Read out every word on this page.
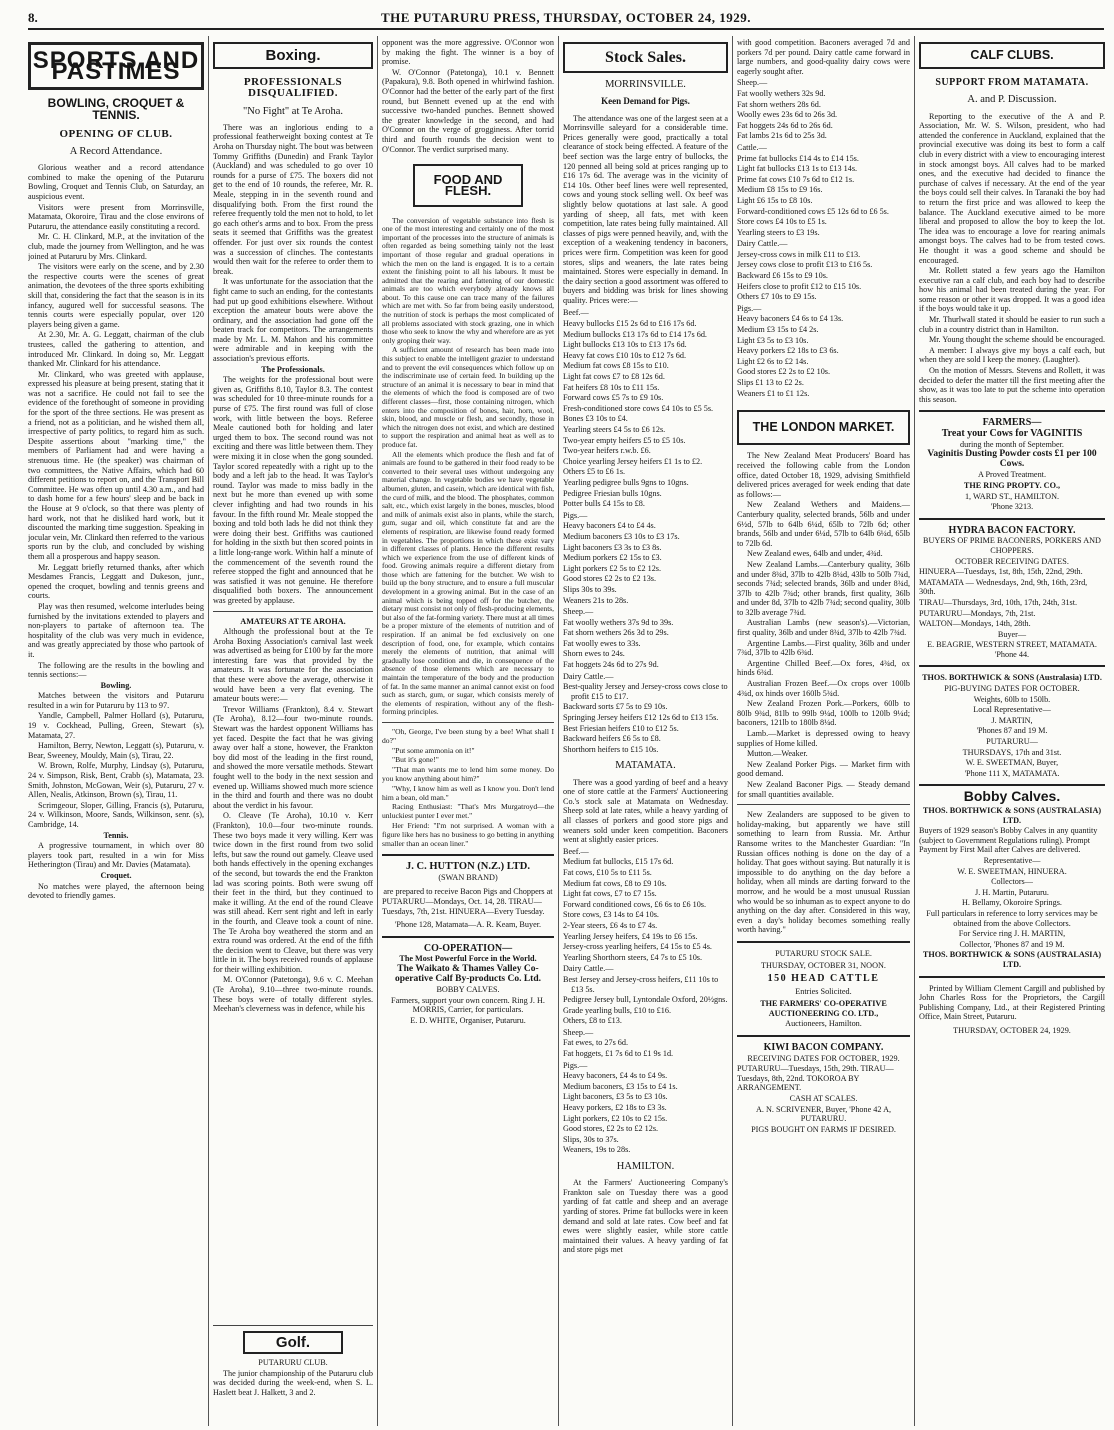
8.	THE PUTARURU PRESS, THURSDAY, OCTOBER 24, 1929.
SPORTS AND PASTIMES
BOWLING, CROQUET & TENNIS.
OPENING OF CLUB.
A Record Attendance.

Glorious weather and a record attendance combined to make the opening of the Putaruru Bowling, Croquet and Tennis Club, on Saturday, an auspicious event.

Visitors were present from Morrinsville, Matamata, Okoroire, Tirau and the close environs of Putaruru, the attendance easily constituting a record.

Mr. C. H. Clinkard, M.P., at the invitation of the club, made the journey from Wellington, and he was joined at Putaruru by Mrs. Clinkard.

The visitors were early on the scene, and by 2.30 the respective courts were the scenes of great animation, the devotees of the three sports exhibiting skill that, considering the fact that the season is in its infancy, augured well for successful seasons. The tennis courts were especially popular, over 120 players being given a game.

At 2.30, Mr. A. G. Leggatt, chairman of the club trustees, called the gathering to attention, and introduced Mr. Clinkard. In doing so, Mr. Leggatt thanked Mr. Clinkard for his attendance.

Mr. Clinkard, who was greeted with applause, expressed his pleasure at being present, stating that it was not a sacrifice. He could not fail to see the evidence of the forethought of someone in providing for the sport of the three sections. He was present as a friend, not as a politician, and he wished them all, irrespective of party politics, to regard him as such. Despite assertions about "marking time," the members of Parliament had and were having a strenuous time. He (the speaker) was chairman of two committees, the Native Affairs, which had 60 different petitions to report on, and the Transport Bill Committee. He was often up until 4.30 a.m., and had to dash home for a few hours' sleep and be back in the House at 9 o'clock, so that there was plenty of hard work, not that he disliked hard work, but it discounted the marking time suggestion. Speaking in jocular vein, Mr. Clinkard then referred to the various sports run by the club, and concluded by wishing them all a prosperous and happy season.

Mr. Leggatt briefly returned thanks, after which Mesdames Francis, Leggatt and Dukeson, junr., opened the croquet, bowling and tennis greens and courts.

Play was then resumed, welcome interludes being furnished by the invitations extended to players and non-players to partake of afternoon tea. The hospitality of the club was very much in evidence, and was greatly appreciated by those who partook of it.

The following are the results in the bowling and tennis sections:—

Bowling.

Matches between the visitors and Putaruru resulted in a win for Putaruru by 113 to 97.

Yandle, Campbell, Palmer Hollard (s), Putaruru, 19 v. Cockhead, Pulling, Green, Stewart (s), Matamata, 27.

Hamilton, Berry, Newton, Leggatt (s), Putaruru, v. Bear, Sweeney, Mouldy, Main (s), Tirau, 22.

W. Brown, Rolfe, Murphy, Lindsay (s), Putaruru, 24 v. Simpson, Risk, Bent, Crabb (s), Matamata, 23. Smith, Johnston, McGowan, Weir (s), Putaruru, 27 v. Allen, Nealis, Atkinson, Brown (s), Tirau, 11.

Scrimgeour, Sloper, Gilling, Francis (s), Putaruru, 24 v. Wilkinson, Moore, Sands, Wilkinson, senr. (s), Cambridge, 14.

Tennis.

A progressive tournament, in which over 80 players took part, resulted in a win for Miss Hetherington (Tirau) and Mr. Davies (Matamata).

Croquet.

No matches were played, the afternoon being devoted to friendly games.

Boxing.
PROFESSIONALS DISQUALIFIED.
"No Fight" at Te Aroha.

There was an inglorious ending to a professional featherweight boxing contest at Te Aroha on Thursday night. The bout was between Tommy Griffiths (Dunedin) and Frank Taylor (Auckland) and was scheduled to go over 10 rounds for a purse of £75. The boxers did not get to the end of 10 rounds, the referee, Mr. R. Meale, stepping in in the seventh round and disqualifying both. From the first round the referee frequently told the men not to hold, to let go each other's arms and to box. From the press seats it seemed that Griffiths was the greatest offender. For just over six rounds the contest was a succession of clinches. The contestants would then wait for the referee to order them to break.

It was unfortunate for the association that the fight came to such an ending, for the contestants had put up good exhibitions elsewhere. Without exception the amateur bouts were above the ordinary, and the association had gone off the beaten track for competitors. The arrangements made by Mr. L. M. Mahon and his committee were admirable and in keeping with the association's previous efforts.

The Professionals.

The weights for the professional bout were given as, Griffiths 8.10, Taylor 8.3. The contest was scheduled for 10 three-minute rounds for a purse of £75. The first round was full of close work, with little between the boys. Referee Meale cautioned both for holding and later urged them to box. The second round was not exciting and there was little between them. They were mixing it in close when the gong sounded. Taylor scored repeatedly with a right up to the body and a left jab to the head. It was Taylor's round. Taylor was made to miss badly in the next but he more than evened up with some clever infighting and had two rounds in his favour. In the fifth round Mr. Meale stopped the boxing and told both lads he did not think they were doing their best. Griffiths was cautioned for holding in the sixth but then scored points in a little long-range work. Within half a minute of the commencement of the seventh round the referee stopped the fight and announced that he was satisfied it was not genuine. He therefore disqualified both boxers. The announcement was greeted by applause.

AMATEURS AT TE AROHA.

Although the professional bout at the Te Aroha Boxing Association's carnival last week was advertised as being for £100 by far the more interesting fare was that provided by the amateurs. It was fortunate for the association that these were above the average, otherwise it would have been a very flat evening. The amateur bouts were:—

Trevor Williams (Frankton), 8.4 v. Stewart (Te Aroha), 8.12—four two-minute rounds. Stewart was the hardest opponent Williams has yet faced. Despite the fact that he was giving away over half a stone, however, the Frankton boy did most of the leading in the first round, and showed the more versatile methods. Stewart fought well to the body in the next session and evened up. Williams showed much more science in the third and fourth and there was no doubt about the verdict in his favour.

O. Cleave (Te Aroha), 10.10 v. Kerr (Frankton), 10.0—four two-minute rounds. These two boys made it very willing. Kerr was twice down in the first round from two solid lefts, but saw the round out gamely. Cleave used both hands effectively in the opening exchanges of the second, but towards the end the Frankton lad was scoring points. Both were swung off their feet in the third, but they continued to make it willing. At the end of the round Cleave was still ahead. Kerr sent right and left in early in the fourth, and Cleave took a count of nine. The Te Aroha boy weathered the storm and an extra round was ordered. At the end of the fifth the decision went to Cleave, but there was very little in it. The boys received rounds of applause for their willing exhibition.

M. O'Connor (Patetonga), 9.6 v. C. Meehan (Te Aroha), 9.10—three two-minute rounds. These boys were of totally different styles. Meehan's cleverness was in defence, while his

Golf.

PUTARURU CLUB.

The junior championship of the Putaruru club was decided during the week-end, when S. L. Haslett beat J. Halkett, 3 and 2.

opponent was the more aggressive. O'Connor won by making the fight. The winner is a boy of promise.

W. O'Connor (Patetonga), 10.1 v. Bennett (Papakura), 9.8. Both opened in whirlwind fashion. O'Connor had the better of the early part of the first round, but Bennett evened up at the end with successive two-handed punches. Bennett showed the greater knowledge in the second, and had O'Connor on the verge of grogginess. After torrid third and fourth rounds the decision went to O'Connor. The verdict surprised many.

FOOD AND FLESH.

The conversion of vegetable substance into flesh is one of the most interesting and certainly one of the most important of the processes into the structure of animals is often regarded as being something tainly not the least important of those regular and gradual operations in which the men on the land is engaged. It is to a certain extent the finishing point to all his labours. It must be admitted that the rearing and fattening of our domestic animals are too which everybody already knows all about. To this cause one can trace many of the failures which are met with. So far from being easily understood, the nutrition of stock is perhaps the most complicated of all problems associated with stock grazing, one in which those who seek to know the why and wherefore are as yet only groping their way.

A sufficient amount of research has been made into this subject to enable the intelligent grazier to understand and to prevent the evil consequences which follow up on the indiscriminate use of certain feed. In building up the structure of an animal it is necessary to bear in mind that the elements of which the food is composed are of two different classes—first, those containing nitrogen, which enters into the composition of bones, hair, horn, wool, skin, blood, and muscle or flesh, and secondly, those in which the nitrogen does not exist, and which are destined to support the respiration and animal heat as well as to produce fat.

All the elements which produce the flesh and fat of animals are found to be gathered in their food ready to be converted to their several uses without undergoing any material change. In vegetable bodies we have vegetable albumen, gluten, and casein, which are identical with fish, the curd of milk, and the blood. The phosphates, common salt, etc., which exist largely in the bones, muscles, blood and milk of animals exist also in plants, while the starch, gum, sugar and oil, which constitute fat and are the elements of respiration, are likewise found ready formed in vegetables. The proportions in which these exist vary in different classes of plants. Hence the different results which we experience from the use of different kinds of food. Growing animals require a different dietary from those which are fattening for the butcher. We wish to build up the bony structure, and to ensure a full muscular development in a growing animal. But in the case of an animal which is being topped off for the butcher, the dietary must consist not only of flesh-producing elements, but also of the fat-forming variety. There must at all times be a proper mixture of the elements of nutrition and of respiration. If an animal be fed exclusively on one description of food, one, for example, which contains merely the elements of nutrition, that animal will gradually lose condition and die, in consequence of the absence of those elements which are necessary to maintain the temperature of the body and the production of fat. In the same manner an animal cannot exist on food such as starch, gum, or sugar, which consists merely of the elements of respiration, without any of the flesh-forming principles.

"Oh, George, I've been stung by a bee! What shall I do?"

"Put some ammonia on it!"

"But it's gone!"

"That man wants me to lend him some money. Do you know anything about him?"

"Why, I know him as well as I know you. Don't lend him a bean, old man."

Racing Enthusiast: "That's Mrs Murgatroyd—the unluckiest punter I ever met."

Her Friend: "I'm not surprised. A woman with a figure like hers has no business to go betting in anything smaller than an ocean liner."

J. C. HUTTON (N.Z.) LTD.

(SWAN BRAND)

are prepared to receive Bacon Pigs and Choppers at

PUTARURU—Mondays, Oct. 14, 28. TIRAU—Tuesdays, 7th, 21st. HINUERA—Every Tuesday.

'Phone 128, Matamata—A. R. Keam, Buyer.

CO-OPERATION—

The Most Powerful Force in the World.

The Waikato & Thames Valley Co-operative Calf By-products Co. Ltd.

BOBBY CALVES.

Farmers, support your own concern. Ring J. H. MORRIS, Carrier, for particulars.

E. D. WHITE, Organiser, Putaruru.

Stock Sales.
MORRINSVILLE.
Keen Demand for Pigs.

The attendance was one of the largest seen at a Morrinsville saleyard for a considerable time. Prices generally were good, practically a total clearance of stock being effected. A feature of the beef section was the large entry of bullocks, the 120 penned all being sold at prices ranging up to £16 17s 6d. The average was in the vicinity of £14 10s. Other beef lines were well represented, cows and young stock selling well. Ox beef was slightly below quotations at last sale. A good yarding of sheep, all fats, met with keen competition, late rates being fully maintained. All classes of pigs were penned heavily, and, with the exception of a weakening tendency in baconers, prices were firm. Competition was keen for good stores, slips and weaners, the late rates being maintained. Stores were especially in demand. In the dairy section a good assortment was offered to buyers and bidding was brisk for lines showing quality. Prices were:—

Beef.—

Heavy bullocks £15 2s 6d to £16 17s 6d.

Medium bullocks £13 17s 6d to £14 17s 6d.

Light bullocks £13 10s to £13 17s 6d.

Heavy fat cows £10 10s to £12 7s 6d.

Medium fat cows £8 15s to £10.

Light fat cows £7 to £8 12s 6d.

Fat heifers £8 10s to £11 15s.

Forward cows £5 7s to £9 10s.

Fresh-conditioned store cows £4 10s to £5 5s.

Bones £3 10s to £4.

Yearling steers £4 5s to £6 12s.

Two-year empty heifers £5 to £5 10s.

Two-year heifers r.w.b. £6.

Choice yearling Jersey heifers £1 1s to £2.

Others £5 to £6 1s.

Yearling pedigree bulls 9gns to 10gns.

Pedigree Friesian bulls 10gns.

Potter bulls £4 15s to £8.

Pigs.—

Heavy baconers £4 to £4 4s.

Medium baconers £3 10s to £3 17s.

Light baconers £3 3s to £3 8s.

Medium porkers £2 15s to £3.

Light porkers £2 5s to £2 12s.

Good stores £2 2s to £2 13s.

Slips 30s to 39s.

Weaners 21s to 28s.

Sheep.—

Fat woolly wethers 37s 9d to 39s.

Fat shorn wethers 26s 3d to 29s.

Fat woolly ewes to 33s.

Shorn ewes to 24s.

Fat hoggets 24s 6d to 27s 9d.

Dairy Cattle.—

Best-quality Jersey and Jersey-cross cows close to profit £15 to £17.

Backward sorts £7 5s to £9 10s.

Springing Jersey heifers £12 12s 6d to £13 15s.

Best Friesian heifers £10 to £12 5s.

Backward heifers £6 5s to £8.

Shorthorn heifers to £15 10s.

MATAMATA.

There was a good yarding of beef and a heavy one of store cattle at the Farmers' Auctioneering Co.'s stock sale at Matamata on Wednesday. Sheep sold at late rates, while a heavy yarding of all classes of porkers and good store pigs and weaners sold under keen competition. Baconers went at slightly easier prices.

Beef.—

Medium fat bullocks, £15 17s 6d.

Fat cows, £10 5s to £11 5s.

Medium fat cows, £8 to £9 10s.

Light fat cows, £7 to £7 15s.

Forward conditioned cows, £6 6s to £6 10s.

Store cows, £3 14s to £4 10s.

2-Year steers, £6 4s to £7 4s.

Yearling Jersey heifers, £4 19s to £6 15s.

Jersey-cross yearling heifers, £4 15s to £5 4s.

Yearling Shorthorn steers, £4 7s to £5 10s.

Dairy Cattle.—

Best Jersey and Jersey-cross heifers, £11 10s to £13 5s.

Pedigree Jersey bull, Lyntondale Oxford, 20½gns.

Grade yearling bulls, £10 to £16.

Others, £8 to £13.

Sheep.—

Fat ewes, to 27s 6d.

Fat hoggets, £1 7s 6d to £1 9s 1d.

Pigs.—

Heavy baconers, £4 4s to £4 9s.

Medium baconers, £3 15s to £4 1s.

Light baconers, £3 5s to £3 10s.

Heavy porkers, £2 18s to £3 3s.

Light porkers, £2 10s to £2 15s.

Good stores, £2 2s to £2 12s.

Slips, 30s to 37s.

Weaners, 19s to 28s.

HAMILTON.

At the Farmers' Auctioneering Company's Frankton sale on Tuesday there was a good yarding of fat cattle and sheep and an average yarding of stores. Prime fat bullocks were in keen demand and sold at late rates. Cow beef and fat ewes were slightly easier, while store cattle maintained their values. A heavy yarding of fat and store pigs met

with good competition. Baconers averaged 7d and porkers 7d per pound. Dairy cattle came forward in large numbers, and good-quality dairy cows were eagerly sought after.

Sheep.—

Fat woolly wethers 32s 9d.

Fat shorn wethers 28s 6d.

Woolly ewes 23s 6d to 26s 3d.

Fat hoggets 24s 6d to 26s 6d.

Fat lambs 21s 6d to 25s 3d.

Cattle.—

Prime fat bullocks £14 4s to £14 15s.

Light fat bullocks £13 1s to £13 14s.

Prime fat cows £10 7s 6d to £12 1s.

Medium £8 15s to £9 16s.

Light £6 15s to £8 10s.

Forward-conditioned cows £5 12s 6d to £6 5s.

Store cows £4 10s to £5 1s.

Yearling steers to £3 19s.

Dairy Cattle.—

Jersey-cross cows in milk £11 to £13.

Jersey cows close to profit £13 to £16 5s.

Backward £6 15s to £9 10s.

Heifers close to profit £12 to £15 10s.

Others £7 10s to £9 15s.

Pigs.—

Heavy baconers £4 6s to £4 13s.

Medium £3 15s to £4 2s.

Light £3 5s to £3 10s.

Heavy porkers £2 18s to £3 6s.

Light £2 6s to £2 14s.

Good stores £2 2s to £2 10s.

Slips £1 13 to £2 2s.

Weaners £1 to £1 12s.

THE LONDON MARKET.

The New Zealand Meat Producers' Board has received the following cable from the London office, dated October 18, 1929, advising Smithfield delivered prices averaged for week ending that date as follows:—

New Zealand Wethers and Maidens.—Canterbury quality, selected brands, 56lb and under 6½d, 57lb to 64lb 6¼d, 65lb to 72lb 6d; other brands, 56lb and under 6¼d, 57lb to 64lb 6¼d, 65lb to 72lb 6d.

New Zealand ewes, 64lb and under, 4¾d.

New Zealand Lambs.—Canterbury quality, 36lb and under 8¾d, 37lb to 42lb 8¼d, 43lb to 50lb 7¾d, seconds 7¾d; selected brands, 36lb and under 8¾d, 37lb to 42lb 7¾d; other brands, first quality, 36lb and under 8d, 37lb to 42lb 7¾d; second quality, 30lb to 32lb average 7¾d.

Australian Lambs (new season's).—Victorian, first quality, 36lb and under 8¾d, 37lb to 42lb 7¾d.

Argentine Lambs.—First quality, 36lb and under 7¾d, 37lb to 42lb 6¾d.

Argentine Chilled Beef.—Ox fores, 4¾d, ox hinds 6¾d.

Australian Frozen Beef.—Ox crops over 100lb 4¾d, ox hinds over 160lb 5¾d.

New Zealand Frozen Pork.—Porkers, 60lb to 80lb 9¾d, 81lb to 99lb 9¼d, 100lb to 120lb 9¼d; baconers, 121lb to 180lb 8¼d.

Lamb.—Market is depressed owing to heavy supplies of Home killed.

Mutton.—Weaker.

New Zealand Porker Pigs. — Market firm with good demand.

New Zealand Baconer Pigs. — Steady demand for small quantities available.

New Zealanders are supposed to be given to holiday-making, but apparently we have still something to learn from Russia. Mr. Arthur Ransome writes to the Manchester Guardian: "In Russian offices nothing is done on the day of a holiday. That goes without saying. But naturally it is impossible to do anything on the day before a holiday, when all minds are darting forward to the morrow, and he would be a most unusual Russian who would be so inhuman as to expect anyone to do anything on the day after. Considered in this way, even a day's holiday becomes something really worth having."

PUTARURU STOCK SALE.

THURSDAY, OCTOBER 31, NOON.

150 HEAD CATTLE

Entries Solicited.

THE FARMERS' CO-OPERATIVE AUCTIONEERING CO. LTD.,

Auctioneers, Hamilton.

KIWI BACON COMPANY.

RECEIVING DATES FOR OCTOBER, 1929.

PUTARURU—Tuesdays, 15th, 29th. TIRAU—Tuesdays, 8th, 22nd. TOKOROA BY ARRANGEMENT.

CASH AT SCALES.

A. N. SCRIVENER, Buyer, 'Phone 42 A, PUTARURU.

PIGS BOUGHT ON FARMS IF DESIRED.

CALF CLUBS.
SUPPORT FROM MATAMATA.
A. and P. Discussion.

Reporting to the executive of the A and P. Association, Mr. W. S. Wilson, president, who had attended the conference in Auckland, explained that the provincial executive was doing its best to form a calf club in every district with a view to encouraging interest in stock amongst boys. All calves had to be marked ones, and the executive had decided to finance the purchase of calves if necessary. At the end of the year the boys could sell their calves. In Taranaki the boy had to return the first price and was allowed to keep the balance. The Auckland executive aimed to be more liberal and proposed to allow the boy to keep the lot. The idea was to encourage a love for rearing animals amongst boys. The calves had to be from tested cows. He thought it was a good scheme and should be encouraged.

Mr. Rollett stated a few years ago the Hamilton executive ran a calf club, and each boy had to describe how his animal had been treated during the year. For some reason or other it was dropped. It was a good idea if the boys would take it up.

Mr. Thurlwall stated it should be easier to run such a club in a country district than in Hamilton.

Mr. Young thought the scheme should be encouraged.

A member: I always give my boys a calf each, but when they are sold I keep the money. (Laughter).

On the motion of Messrs. Stevens and Rollett, it was decided to defer the matter till the first meeting after the show, as it was too late to put the scheme into operation this season.

FARMERS—

Treat your Cows for VAGINITIS

during the month of September.

Vaginitis Dusting Powder costs £1 per 100 Cows.

A Proved Treatment.

THE RING PROPTY. CO.,

1, WARD ST., HAMILTON.

'Phone 3213.

HYDRA BACON FACTORY.

BUYERS OF PRIME BACONERS, PORKERS AND CHOPPERS.

OCTOBER RECEIVING DATES.

HINUERA—Tuesdays, 1st, 8th, 15th, 22nd, 29th.

MATAMATA — Wednesdays, 2nd, 9th, 16th, 23rd, 30th.

TIRAU—Thursdays, 3rd, 10th, 17th, 24th, 31st.

PUTARURU—Mondays, 7th, 21st.

WALTON—Mondays, 14th, 28th.

Buyer—

E. BEAGRIE, WESTERN STREET, MATAMATA. 'Phone 44.

THOS. BORTHWICK & SONS (Australasia) LTD.

PIG-BUYING DATES FOR OCTOBER.

Weights, 60lb to 150lb.

Local Representative—

J. MARTIN,

'Phones 87 and 19 M.

PUTARURU—

THURSDAYS, 17th and 31st.

W. E. SWEETMAN, Buyer,

'Phone 111 X, MATAMATA.

Bobby Calves.

THOS. BORTHWICK & SONS (AUSTRALASIA) LTD.

Buyers of 1929 season's Bobby Calves in any quantity (subject to Government Regulations ruling). Prompt Payment by First Mail after Calves are delivered.

Representative—

W. E. SWEETMAN, HINUERA.

Collectors—

J. H. Martin, Putaruru.

H. Bellamy, Okoroire Springs.

Full particulars in reference to lorry services may be obtained from the above Collectors.

For Service ring J. H. MARTIN,

Collector, 'Phones 87 and 19 M.

THOS. BORTHWICK & SONS (AUSTRALASIA) LTD.

Printed by William Clement Cargill and published by John Charles Ross for the Proprietors, the Cargill Publishing Company, Ltd., at their Registered Printing Office, Main Street, Putaruru.

THURSDAY, OCTOBER 24, 1929.
